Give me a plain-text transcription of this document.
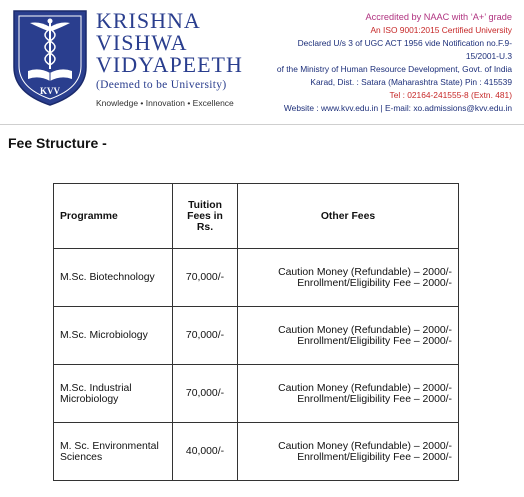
KVV
KRISHNA
VISHWA
VIDYAPEETH
(Deemed to be University)
Knowledge • Innovation • Excellence
Accredited by NAAC with ‘A+’ grade
An ISO 9001:2015 Certified University
Declared U/s 3 of UGC ACT 1956 vide Notification no.F.9-15/2001-U.3
of the Ministry of Human Resource Development, Govt. of India
Karad, Dist. : Satara (Maharashtra State) Pin : 415539
Tel : 02164-241555-8 (Extn. 481)
Website : www.kvv.edu.in | E-mail: xo.admissions@kvv.edu.in
Fee Structure -
Programme	Tuition Fees in Rs.	Other Fees
M.Sc. Biotechnology	70,000/-	Caution Money (Refundable) – 2000/-
Enrollment/Eligibility Fee – 2000/-

M.Sc. Microbiology	70,000/-	Caution Money (Refundable) – 2000/-
Enrollment/Eligibility Fee – 2000/-

M.Sc. Industrial Microbiology	70,000/-	Caution Money (Refundable) – 2000/-
Enrollment/Eligibility Fee – 2000/-

M. Sc. Environmental Sciences	40,000/-	Caution Money (Refundable) – 2000/-
Enrollment/Eligibility Fee – 2000/-
